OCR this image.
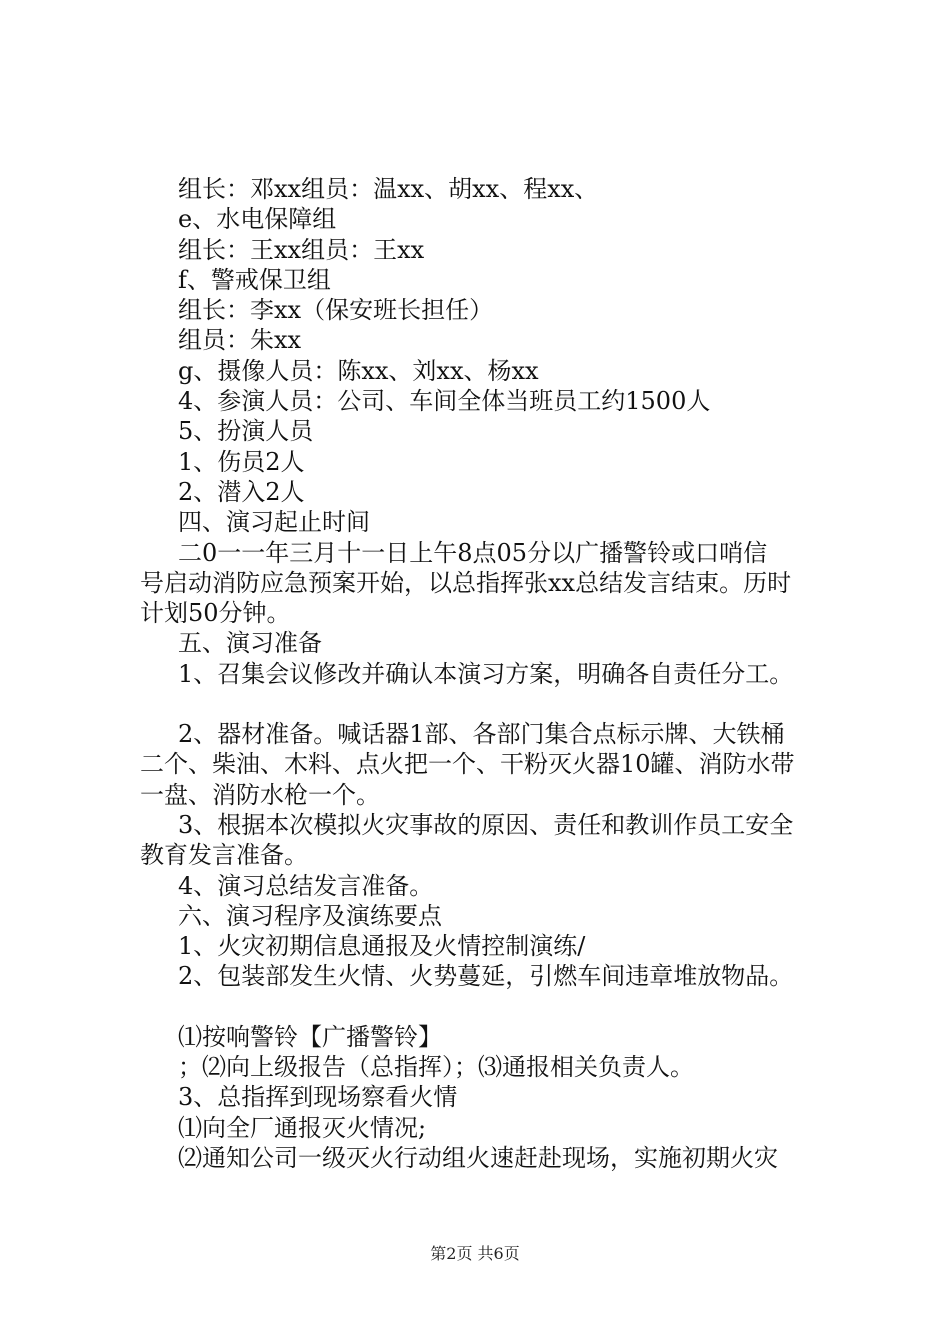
组长：邓xx组员：温xx、胡xx、程xx、
e、水电保障组
组长：王xx组员：王xx
f、警戒保卫组
组长：李xx（保安班长担任）
组员：朱xx
g、摄像人员：陈xx、刘xx、杨xx
4、参演人员：公司、车间全体当班员工约1500人
5、扮演人员
1、伤员2人
2、潜入2人
四、演习起止时间
二0一一年三月十一日上午8点05分以广播警铃或口哨信
号启动消防应急预案开始，以总指挥张xx总结发言结束。历时
计划50分钟。
五、演习准备
1、召集会议修改并确认本演习方案，明确各自责任分工。
2、器材准备。喊话器1部、各部门集合点标示牌、大铁桶
二个、柴油、木料、点火把一个、干粉灭火器10罐、消防水带
一盘、消防水枪一个。
3、根据本次模拟火灾事故的原因、责任和教训作员工安全
教育发言准备。
4、演习总结发言准备。
六、演习程序及演练要点
1、火灾初期信息通报及火情控制演练/
2、包装部发生火情、火势蔓延，引燃车间违章堆放物品。
⑴按响警铃【广播警铃】
；⑵向上级报告（总指挥）；⑶通报相关负责人。
3、总指挥到现场察看火情
⑴向全厂通报灭火情况;
⑵通知公司一级灭火行动组火速赶赴现场，实施初期火灾
第2页 共6页
